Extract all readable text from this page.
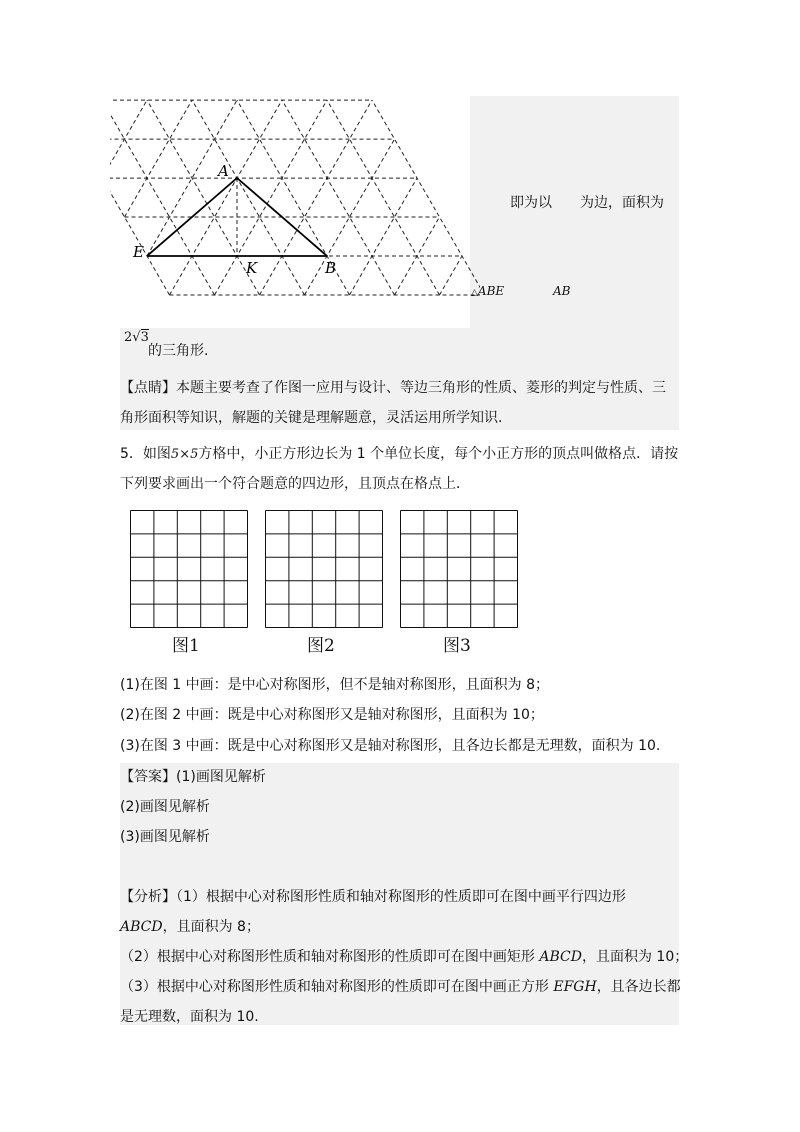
A
E
K	B
即为以　　为边，面积为
△ABE	AB
2√3
的三角形.
【点睛】本题主要考查了作图一应用与设计、等边三角形的性质、菱形的判定与性质、三
角形面积等知识，解题的关键是理解题意，灵活运用所学知识.
5．如图5×5方格中，小正方形边长为 1 个单位长度，每个小正方形的顶点叫做格点．请按
下列要求画出一个符合题意的四边形，且顶点在格点上．
图1	图2	图3
(1)在图 1 中画：是中心对称图形，但不是轴对称图形，且面积为 8；
(2)在图 2 中画：既是中心对称图形又是轴对称图形，且面积为 10；
(3)在图 3 中画：既是中心对称图形又是轴对称图形，且各边长都是无理数，面积为 10.
【答案】(1)画图见解析
(2)画图见解析
(3)画图见解析
【分析】（1）根据中心对称图形性质和轴对称图形的性质即可在图中画平行四边形
ABCD，且面积为 8；
（2）根据中心对称图形性质和轴对称图形的性质即可在图中画矩形 ABCD，且面积为 10；
（3）根据中心对称图形性质和轴对称图形的性质即可在图中画正方形 EFGH，且各边长都
是无理数，面积为 10.
